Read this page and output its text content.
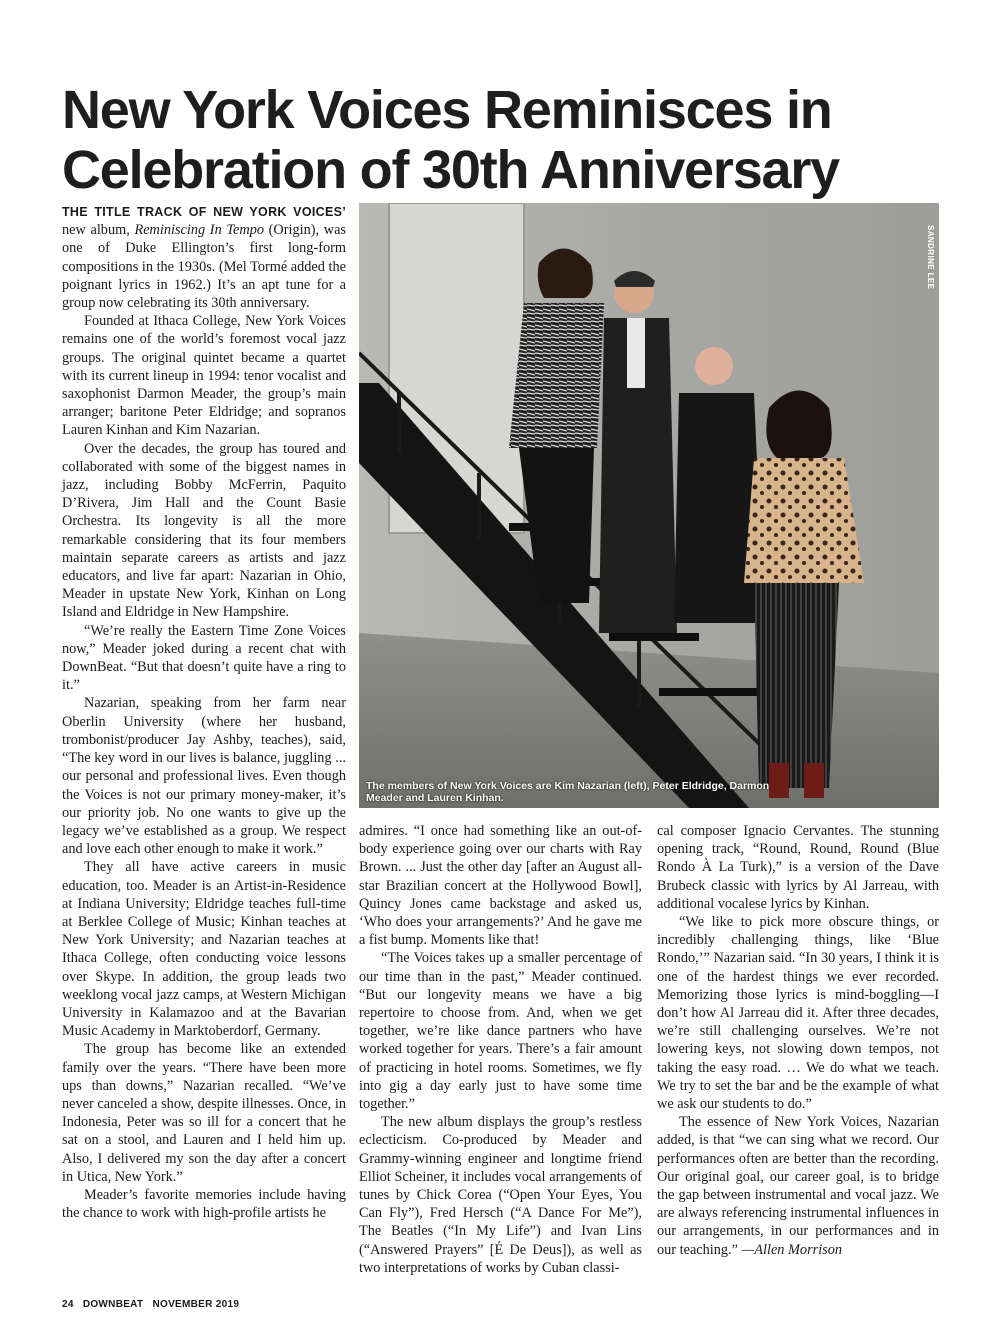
New York Voices Reminisces in Celebration of 30th Anniversary

THE TITLE TRACK OF NEW YORK VOICES’ new album, Reminiscing In Tempo (Origin), was one of Duke Ellington’s first long-form compositions in the 1930s. (Mel Tormé added the poignant lyrics in 1962.) It’s an apt tune for a group now celebrating its 30th anniversary.

Founded at Ithaca College, New York Voices remains one of the world’s foremost vocal jazz groups. The original quintet became a quartet with its current lineup in 1994: tenor vocalist and saxophonist Darmon Meader, the group’s main arranger; baritone Peter Eldridge; and sopranos Lauren Kinhan and Kim Nazarian.

Over the decades, the group has toured and collaborated with some of the biggest names in jazz, including Bobby McFerrin, Paquito D’Rivera, Jim Hall and the Count Basie Orchestra. Its longevity is all the more remarkable considering that its four members maintain separate careers as artists and jazz educators, and live far apart: Nazarian in Ohio, Meader in upstate New York, Kinhan on Long Island and Eldridge in New Hampshire.

“We’re really the Eastern Time Zone Voices now,” Meader joked during a recent chat with DownBeat. “But that doesn’t quite have a ring to it.”

Nazarian, speaking from her farm near Oberlin University (where her husband, trombonist/producer Jay Ashby, teaches), said, “The key word in our lives is balance, juggling ... our personal and professional lives. Even though the Voices is not our primary money-maker, it’s our priority job. No one wants to give up the legacy we’ve established as a group. We respect and love each other enough to make it work.”

They all have active careers in music education, too. Meader is an Artist-in-Residence at Indiana University; Eldridge teaches full-time at Berklee College of Music; Kinhan teaches at New York University; and Nazarian teaches at Ithaca College, often conducting voice lessons over Skype. In addition, the group leads two weeklong vocal jazz camps, at Western Michigan University in Kalamazoo and at the Bavarian Music Academy in Marktoberdorf, Germany.

The group has become like an extended family over the years. “There have been more ups than downs,” Nazarian recalled. “We’ve never canceled a show, despite illnesses. Once, in Indonesia, Peter was so ill for a concert that he sat on a stool, and Lauren and I held him up. Also, I delivered my son the day after a concert in Utica, New York.”

Meader’s favorite memories include having the chance to work with high-profile artists he

SANDRINE LEE

The members of New York Voices are Kim Nazarian (left), Peter Eldridge, Darmon Meader and Lauren Kinhan.

admires. “I once had something like an out-of-body experience going over our charts with Ray Brown. ... Just the other day [after an August all-star Brazilian concert at the Hollywood Bowl], Quincy Jones came backstage and asked us, ‘Who does your arrangements?’ And he gave me a fist bump. Moments like that!

“The Voices takes up a smaller percentage of our time than in the past,” Meader continued. “But our longevity means we have a big repertoire to choose from. And, when we get together, we’re like dance partners who have worked together for years. There’s a fair amount of practicing in hotel rooms. Sometimes, we fly into gig a day early just to have some time together.”

The new album displays the group’s restless eclecticism. Co-produced by Meader and Grammy-winning engineer and longtime friend Elliot Scheiner, it includes vocal arrangements of tunes by Chick Corea (“Open Your Eyes, You Can Fly”), Fred Hersch (“A Dance For Me”), The Beatles (“In My Life”) and Ivan Lins (“Answered Prayers” [É De Deus]), as well as two interpretations of works by Cuban classi-

cal composer Ignacio Cervantes. The stunning opening track, “Round, Round, Round (Blue Rondo À La Turk),” is a version of the Dave Brubeck classic with lyrics by Al Jarreau, with additional vocalese lyrics by Kinhan.

“We like to pick more obscure things, or incredibly challenging things, like ‘Blue Rondo,’” Nazarian said. “In 30 years, I think it is one of the hardest things we ever recorded. Memorizing those lyrics is mind-boggling—I don’t how Al Jarreau did it. After three decades, we’re still challenging ourselves. We’re not lowering keys, not slowing down tempos, not taking the easy road. … We do what we teach. We try to set the bar and be the example of what we ask our students to do.”

The essence of New York Voices, Nazarian added, is that “we can sing what we record. Our performances often are better than the recording. Our original goal, our career goal, is to bridge the gap between instrumental and vocal jazz. We are always referencing instrumental influences in our arrangements, in our performances and in our teaching.” —Allen Morrison

24 DOWNBEAT NOVEMBER 2019
